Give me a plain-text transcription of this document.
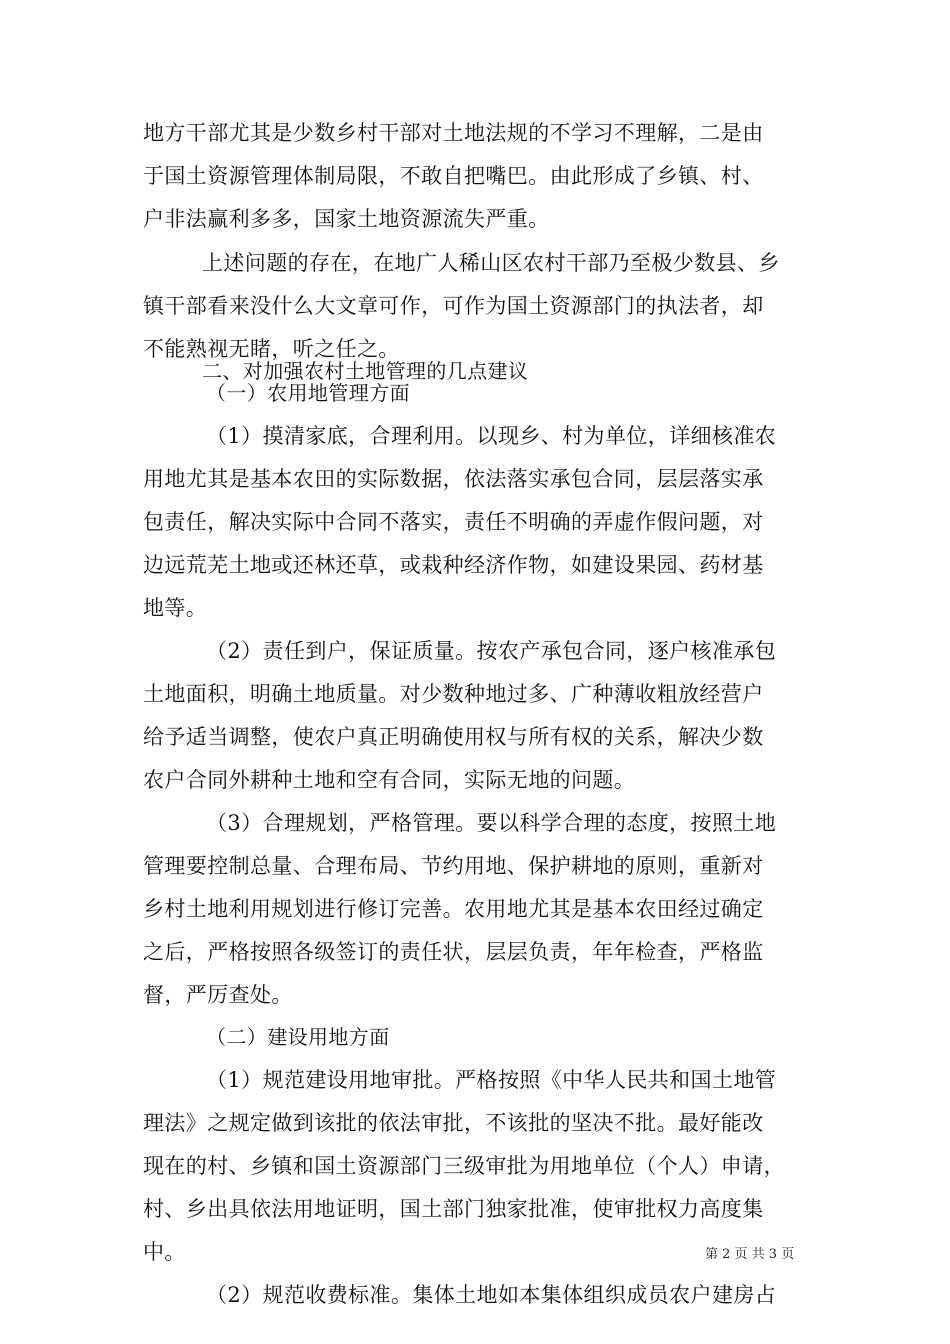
地方干部尤其是少数乡村干部对土地法规的不学习不理解，二是由
于国土资源管理体制局限，不敢自把嘴巴。由此形成了乡镇、村、
户非法赢利多多，国家土地资源流失严重。
上述问题的存在，在地广人稀山区农村干部乃至极少数县、乡
镇干部看来没什么大文章可作，可作为国土资源部门的执法者，却
不能熟视无睹，听之任之。
二、对加强农村土地管理的几点建议
（一）农用地管理方面
（1）摸清家底，合理利用。以现乡、村为单位，详细核准农
用地尤其是基本农田的实际数据，依法落实承包合同，层层落实承
包责任，解决实际中合同不落实，责任不明确的弄虚作假问题，对
边远荒芜土地或还林还草，或栽种经济作物，如建设果园、药材基
地等。
（2）责任到户，保证质量。按农产承包合同，逐户核准承包
土地面积，明确土地质量。对少数种地过多、广种薄收粗放经营户
给予适当调整，使农户真正明确使用权与所有权的关系，解决少数
农户合同外耕种土地和空有合同，实际无地的问题。
（3）合理规划，严格管理。要以科学合理的态度，按照土地
管理要控制总量、合理布局、节约用地、保护耕地的原则，重新对
乡村土地利用规划进行修订完善。农用地尤其是基本农田经过确定
之后，严格按照各级签订的责任状，层层负责，年年检查，严格监
督，严厉查处。
（二）建设用地方面
（1）规范建设用地审批。严格按照《中华人民共和国土地管
理法》之规定做到该批的依法审批，不该批的坚决不批。最好能改
现在的村、乡镇和国土资源部门三级审批为用地单位（个人）申请，
村、乡出具依法用地证明，国土部门独家批准，使审批权力高度集
中。
（2）规范收费标准。集体土地如本集体组织成员农户建房占
第 2 页 共 3 页
